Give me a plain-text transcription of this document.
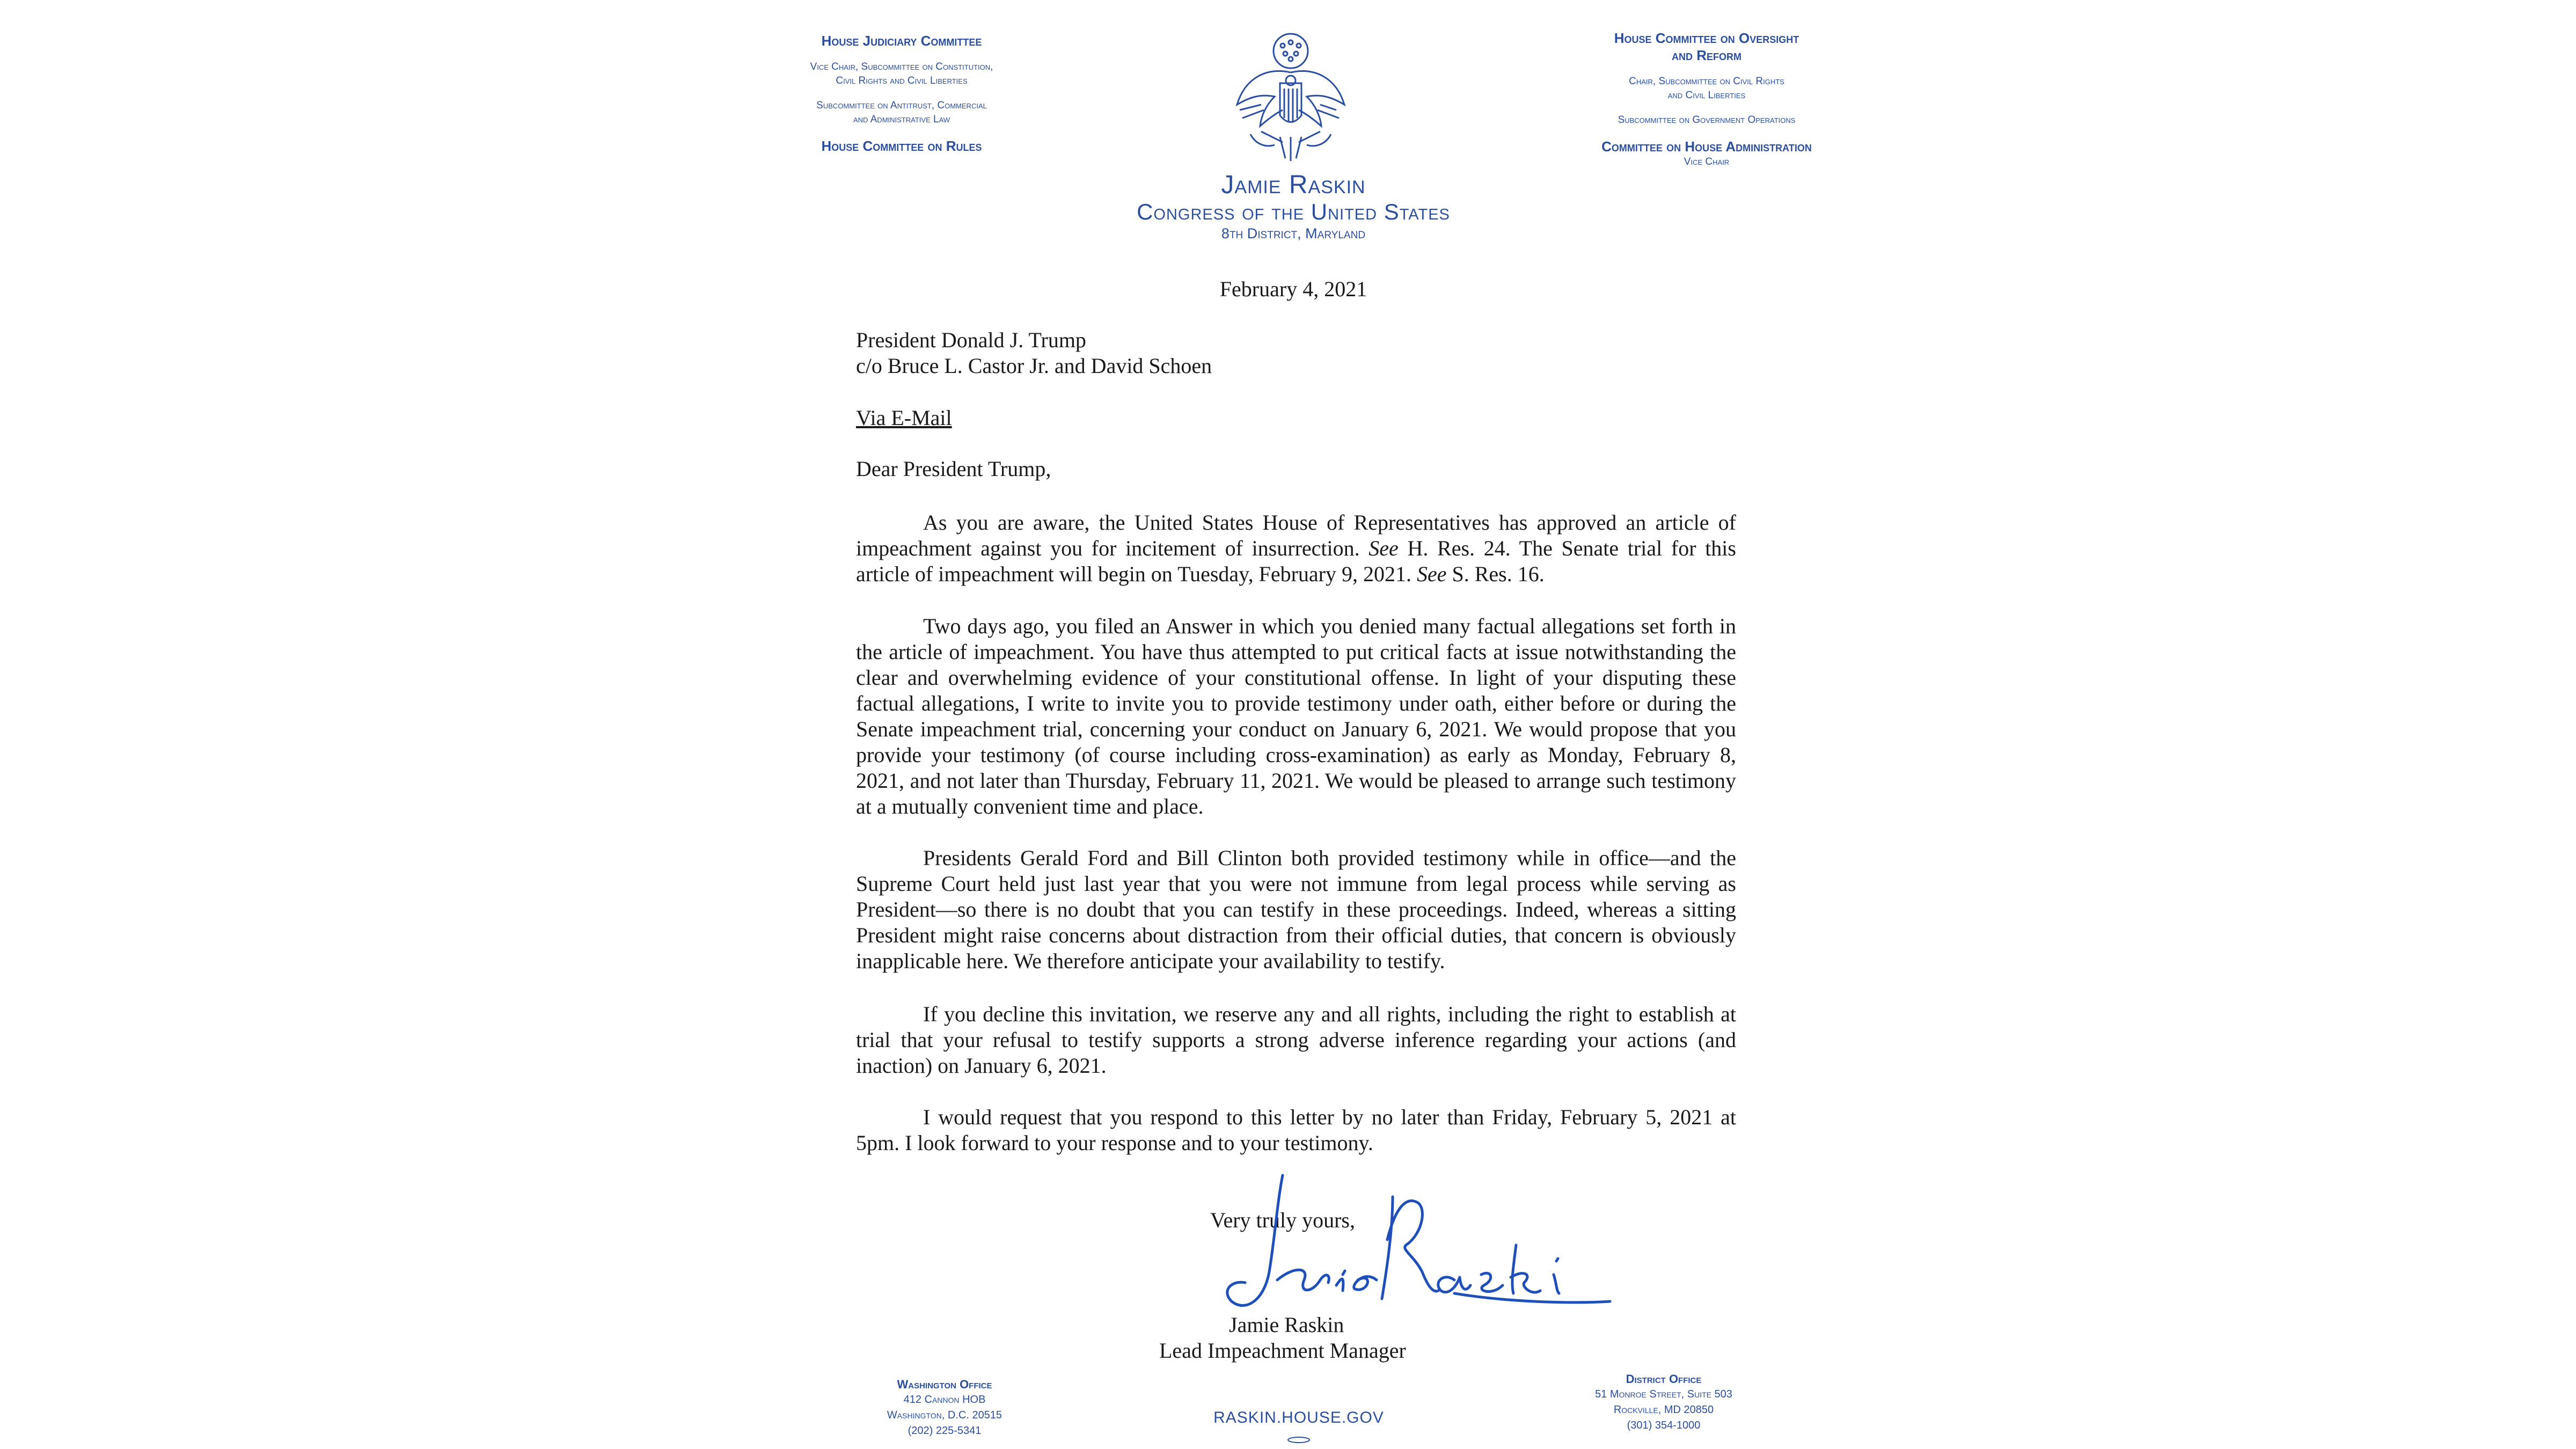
House Judiciary Committee
Vice Chair, Subcommittee on Constitution,
Civil Rights and Civil Liberties
Subcommittee on Antitrust, Commercial
and Administrative Law
House Committee on Rules
House Committee on Oversight
and Reform
Chair, Subcommittee on Civil Rights
and Civil Liberties
Subcommittee on Government Operations
Committee on House Administration
Vice Chair
Jamie Raskin
Congress of the United States
8th District, Maryland
February 4, 2021
President Donald J. Trump
c/o Bruce L. Castor Jr. and David Schoen
Via E-Mail
Dear President Trump,

As you are aware, the United States House of Representatives has approved an article of impeachment against you for incitement of insurrection. See H. Res. 24. The Senate trial for this article of impeachment will begin on Tuesday, February 9, 2021. See S. Res. 16.

Two days ago, you filed an Answer in which you denied many factual allegations set forth in the article of impeachment. You have thus attempted to put critical facts at issue notwithstanding the clear and overwhelming evidence of your constitutional offense. In light of your disputing these factual allegations, I write to invite you to provide testimony under oath, either before or during the Senate impeachment trial, concerning your conduct on January 6, 2021. We would propose that you provide your testimony (of course including cross-examination) as early as Monday, February 8, 2021, and not later than Thursday, February 11, 2021. We would be pleased to arrange such testimony at a mutually convenient time and place.

Presidents Gerald Ford and Bill Clinton both provided testimony while in office—and the Supreme Court held just last year that you were not immune from legal process while serving as President—so there is no doubt that you can testify in these proceedings. Indeed, whereas a sitting President might raise concerns about distraction from their official duties, that concern is obviously inapplicable here. We therefore anticipate your availability to testify.

If you decline this invitation, we reserve any and all rights, including the right to establish at trial that your refusal to testify supports a strong adverse inference regarding your actions (and inaction) on January 6, 2021.

I would request that you respond to this letter by no later than Friday, February 5, 2021 at 5pm. I look forward to your response and to your testimony.

Very truly yours,
Jamie Raskin
Lead Impeachment Manager
Washington Office
412 Cannon HOB
Washington, D.C. 20515
(202) 225-5341
RASKIN.HOUSE.GOV
District Office
51 Monroe Street, Suite 503
Rockville, MD 20850
(301) 354-1000
